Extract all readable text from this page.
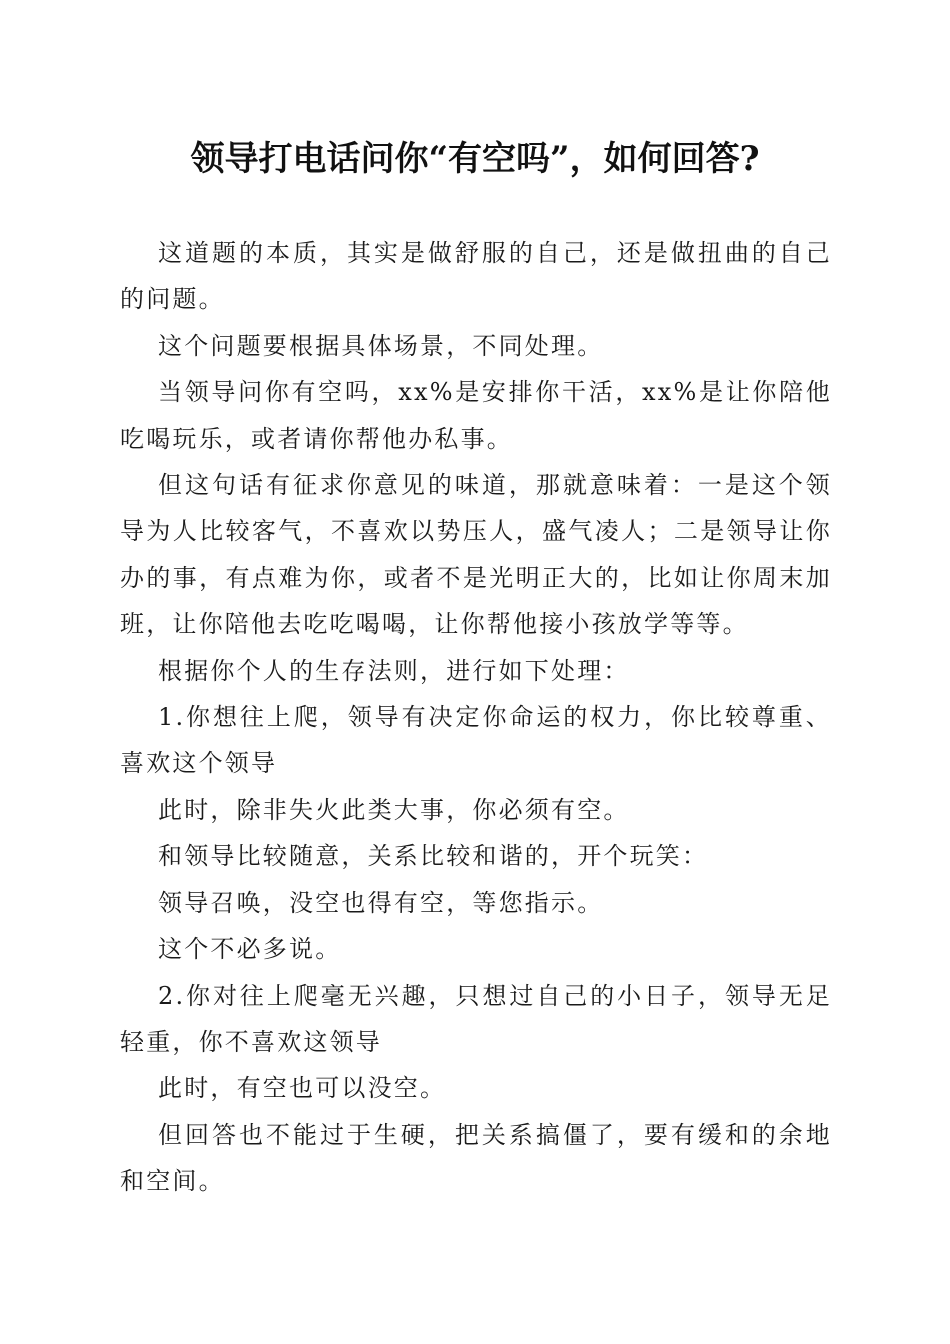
领导打电话问你“有空吗”，如何回答?

这道题的本质，其实是做舒服的自己，还是做扭曲的自己的问题。

这个问题要根据具体场景，不同处理。

当领导问你有空吗，xx%是安排你干活，xx%是让你陪他吃喝玩乐，或者请你帮他办私事。

但这句话有征求你意见的味道，那就意味着：一是这个领导为人比较客气，不喜欢以势压人，盛气凌人；二是领导让你办的事，有点难为你，或者不是光明正大的，比如让你周末加班，让你陪他去吃吃喝喝，让你帮他接小孩放学等等。

根据你个人的生存法则，进行如下处理：

1.你想往上爬，领导有决定你命运的权力，你比较尊重、喜欢这个领导

此时，除非失火此类大事，你必须有空。

和领导比较随意，关系比较和谐的，开个玩笑：

领导召唤，没空也得有空，等您指示。

这个不必多说。

2.你对往上爬毫无兴趣，只想过自己的小日子，领导无足轻重，你不喜欢这领导

此时，有空也可以没空。

但回答也不能过于生硬，把关系搞僵了，要有缓和的余地和空间。
